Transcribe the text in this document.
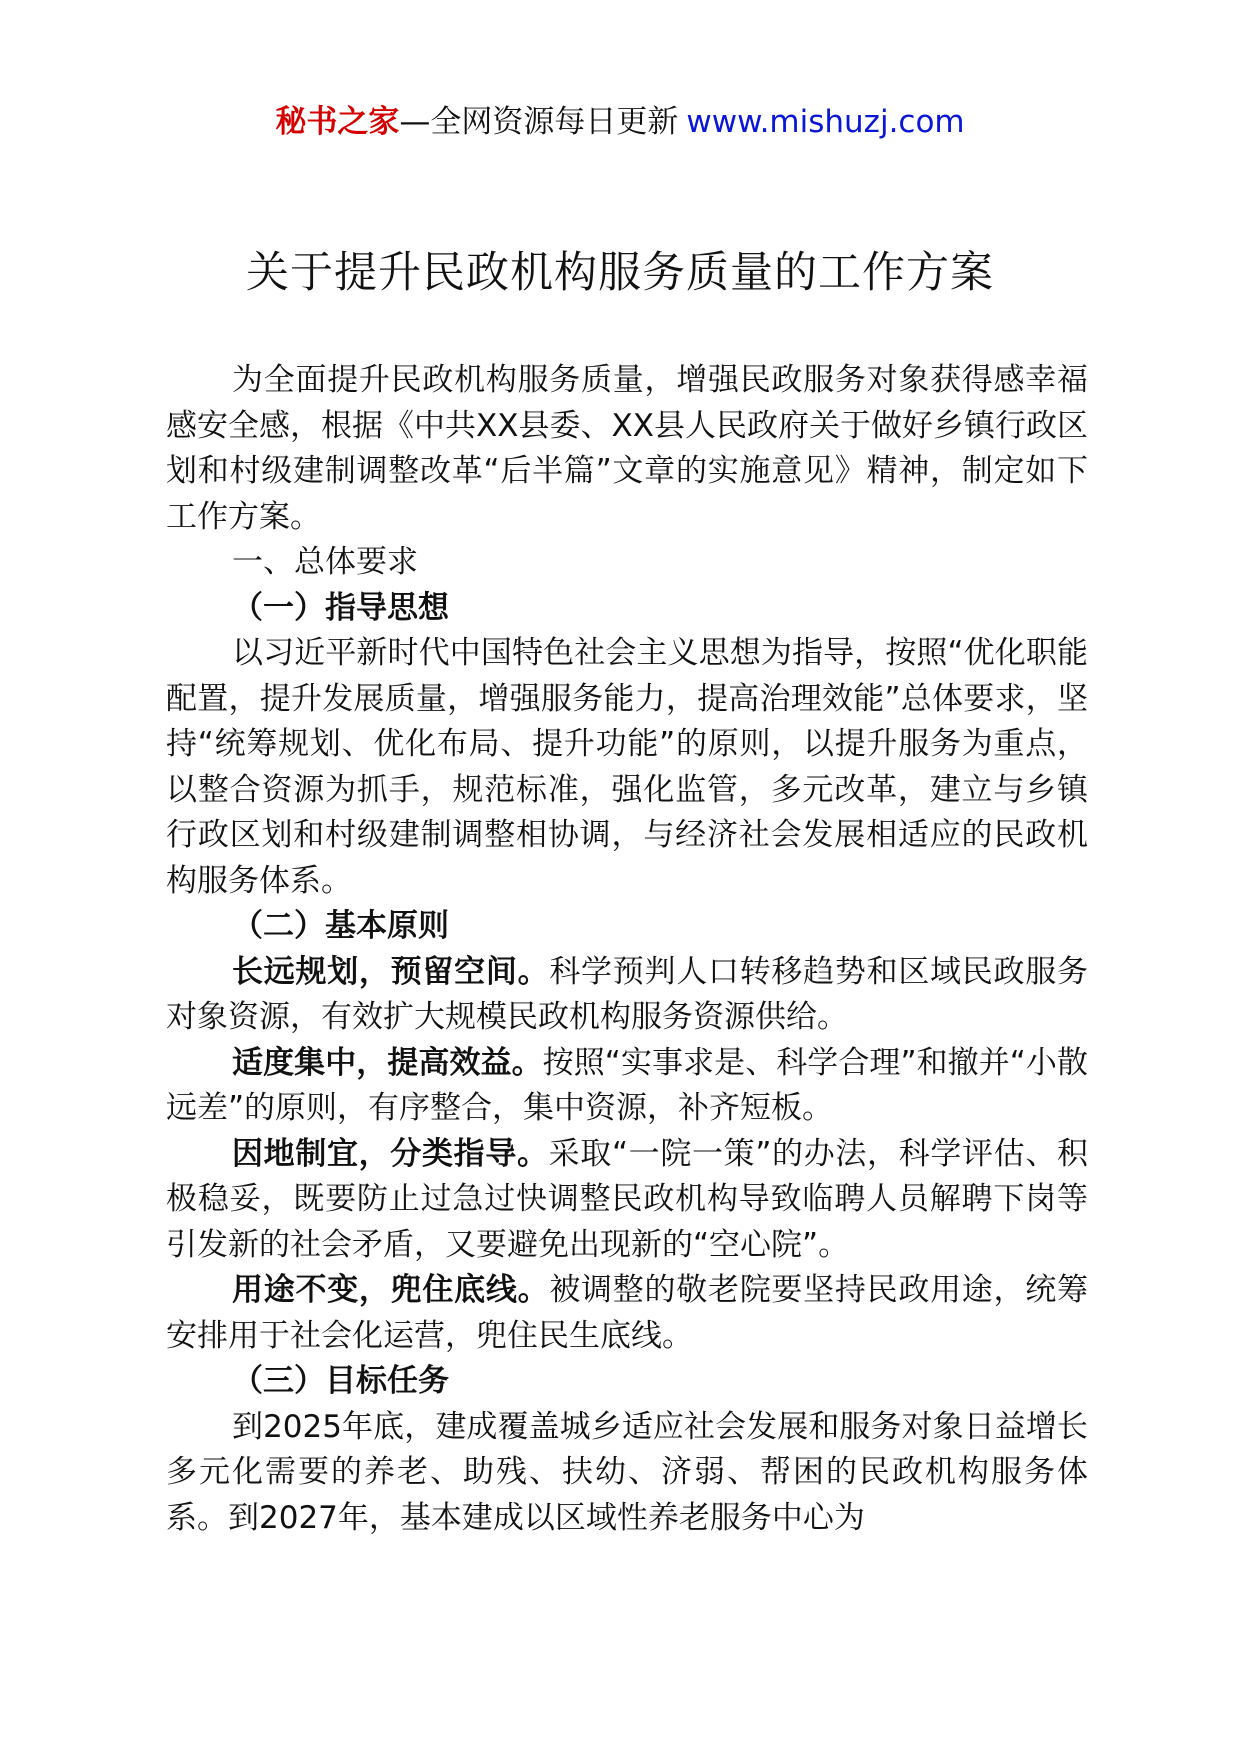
秘书之家—全网资源每日更新 www.mishuzj.com
关于提升民政机构服务质量的工作方案

为全面提升民政机构服务质量，增强民政服务对象获得感幸福感安全感，根据《中共XX县委、XX县人民政府关于做好乡镇行政区划和村级建制调整改革“后半篇”文章的实施意见》精神，制定如下工作方案。

一、总体要求

（一）指导思想

以习近平新时代中国特色社会主义思想为指导，按照“优化职能配置，提升发展质量，增强服务能力，提高治理效能”总体要求，坚持“统筹规划、优化布局、提升功能”的原则，以提升服务为重点，以整合资源为抓手，规范标准，强化监管，多元改革，建立与乡镇行政区划和村级建制调整相协调，与经济社会发展相适应的民政机构服务体系。

（二）基本原则

长远规划，预留空间。科学预判人口转移趋势和区域民政服务对象资源，有效扩大规模民政机构服务资源供给。

适度集中，提高效益。按照“实事求是、科学合理”和撤并“小散远差”的原则，有序整合，集中资源，补齐短板。

因地制宜，分类指导。采取“一院一策”的办法，科学评估、积极稳妥，既要防止过急过快调整民政机构导致临聘人员解聘下岗等引发新的社会矛盾，又要避免出现新的“空心院”。

用途不变，兜住底线。被调整的敬老院要坚持民政用途，统筹安排用于社会化运营，兜住民生底线。

（三）目标任务

到2025年底，建成覆盖城乡适应社会发展和服务对象日益增长多元化需要的养老、助残、扶幼、济弱、帮困的民政机构服务体系。到2027年，基本建成以区域性养老服务中心为
